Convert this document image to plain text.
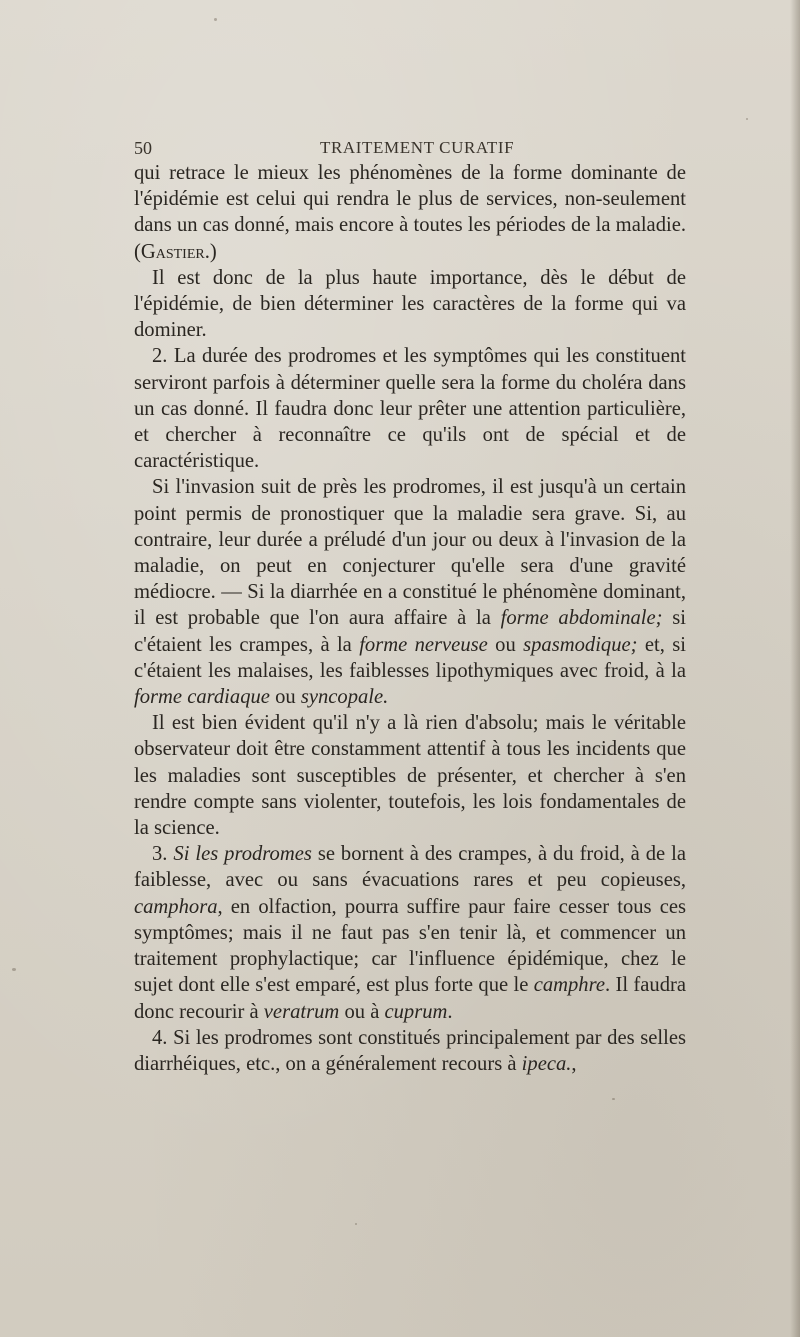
50	TRAITEMENT CURATIF

qui retrace le mieux les phénomènes de la forme dominante de l'épidémie est celui qui rendra le plus de services, non-seulement dans un cas donné, mais encore à toutes les périodes de la maladie. (Gastier.)

Il est donc de la plus haute importance, dès le début de l'épidémie, de bien déterminer les caractères de la forme qui va dominer.

2. La durée des prodromes et les symptômes qui les constituent serviront parfois à déterminer quelle sera la forme du choléra dans un cas donné. Il faudra donc leur prêter une attention particulière, et chercher à reconnaître ce qu'ils ont de spécial et de caractéristique.

Si l'invasion suit de près les prodromes, il est jusqu'à un certain point permis de pronostiquer que la maladie sera grave. Si, au contraire, leur durée a préludé d'un jour ou deux à l'invasion de la maladie, on peut en conjecturer qu'elle sera d'une gravité médiocre. — Si la diarrhée en a constitué le phénomène dominant, il est probable que l'on aura affaire à la forme abdominale; si c'étaient les crampes, à la forme nerveuse ou spasmodique; et, si c'étaient les malaises, les faiblesses lipothymiques avec froid, à la forme cardiaque ou syncopale.

Il est bien évident qu'il n'y a là rien d'absolu; mais le véritable observateur doit être constamment attentif à tous les incidents que les maladies sont susceptibles de présenter, et chercher à s'en rendre compte sans violenter, toutefois, les lois fondamentales de la science.

3. Si les prodromes se bornent à des crampes, à du froid, à de la faiblesse, avec ou sans évacuations rares et peu copieuses, camphora, en olfaction, pourra suffire paur faire cesser tous ces symptômes; mais il ne faut pas s'en tenir là, et commencer un traitement prophylactique; car l'influence épidémique, chez le sujet dont elle s'est emparé, est plus forte que le camphre. Il faudra donc recourir à veratrum ou à cuprum.

4. Si les prodromes sont constitués principalement par des selles diarrhéiques, etc., on a généralement recours à ipeca.,
